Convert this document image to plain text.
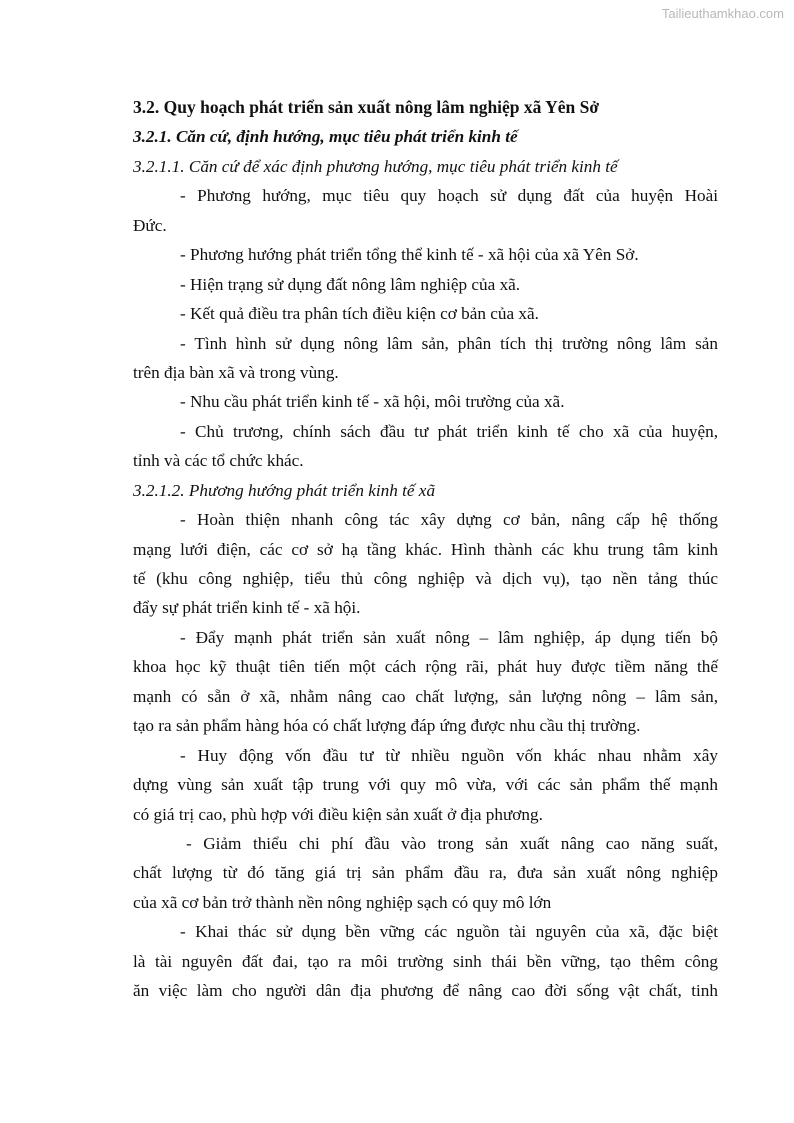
Tailieuthamkhao.com
3.2. Quy hoạch phát triển sản xuất nông lâm nghiệp xã Yên Sở
3.2.1. Căn cứ, định hướng, mục tiêu phát triển kinh tế
3.2.1.1. Căn cứ để xác định phương hướng, mục tiêu phát triển kinh tế
- Phương hướng, mục tiêu quy hoạch sử dụng đất của huyện Hoài
Đức.
- Phương hướng phát triển tổng thể kinh tế - xã hội của xã Yên Sở.
- Hiện trạng sử dụng đất nông lâm nghiệp của xã.
- Kết quả điều tra phân tích điều kiện cơ bản của xã.
- Tình hình sử dụng nông lâm sản, phân tích thị trường nông lâm sản
trên địa bàn xã và trong vùng.
- Nhu cầu phát triển kinh tế - xã hội, môi trường của xã.
- Chủ trương, chính sách đầu tư phát triển kinh tế cho xã của huyện,
tỉnh và các tổ chức khác.
3.2.1.2. Phương hướng phát triển kinh tế xã
- Hoàn thiện nhanh công tác xây dựng cơ bản, nâng cấp hệ thống
mạng lưới điện, các cơ sở hạ tầng khác. Hình thành các khu trung tâm kinh
tế (khu công nghiệp, tiểu thủ công nghiệp và dịch vụ), tạo nền tảng thúc
đẩy sự phát triển kinh tế - xã hội.
- Đẩy mạnh phát triển sản xuất nông – lâm nghiệp, áp dụng tiến bộ
khoa học kỹ thuật tiên tiến một cách rộng rãi, phát huy được tiềm năng thế
mạnh có sẵn ở xã, nhằm nâng cao chất lượng, sản lượng nông – lâm sản,
tạo ra sản phẩm hàng hóa có chất lượng đáp ứng được nhu cầu thị trường.
- Huy động vốn đầu tư từ nhiều nguồn vốn khác nhau nhằm xây
dựng vùng sản xuất tập trung với quy mô vừa, với các sản phẩm thế mạnh
có giá trị cao, phù hợp với điều kiện sản xuất ở địa phương.
- Giảm thiểu chi phí đầu vào trong sản xuất nâng cao năng suất,
chất lượng từ đó tăng giá trị sản phẩm đầu ra, đưa sản xuất nông nghiệp
của xã cơ bản trở thành nền nông nghiệp sạch có quy mô lớn
- Khai thác sử dụng bền vững các nguồn tài nguyên của xã, đặc biệt
là tài nguyên đất đai, tạo ra môi trường sinh thái bền vững, tạo thêm công
ăn việc làm cho người dân địa phương để nâng cao đời sống vật chất, tinh
